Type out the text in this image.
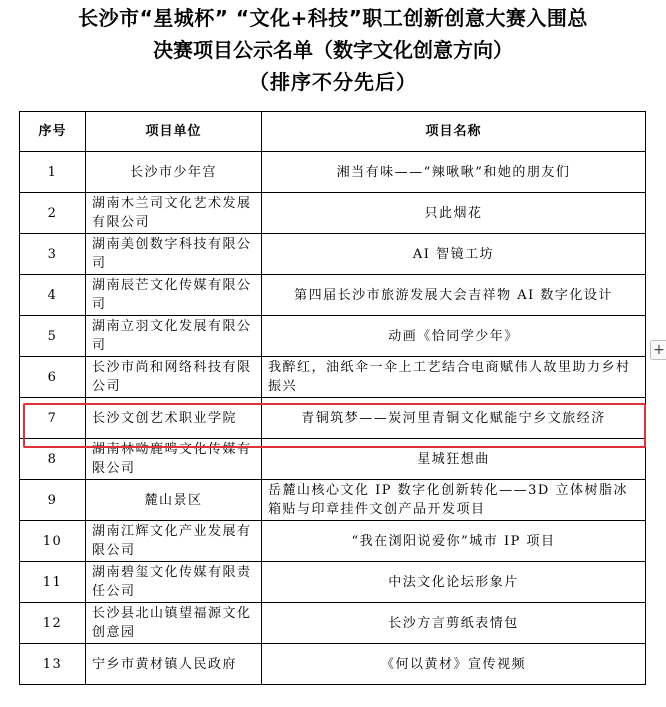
长沙市“星城杯” “文化+科技”职工创新创意大赛入围总
决赛项目公示名单（数字文化创意方向）
（排序不分先后）
序号	项目单位	项目名称
1	长沙市少年宫	湘当有味——“辣啾啾”和她的朋友们
2	湖南木兰司文化艺术发展有限公司	只此烟花
3	湖南美创数字科技有限公司	AI 智镜工坊
4	湖南辰芒文化传媒有限公司	第四届长沙市旅游发展大会吉祥物 AI 数字化设计
5	湖南立羽文化发展有限公司	动画《恰同学少年》
6	长沙市尚和网络科技有限公司	我醉红，油纸伞一伞上工艺结合电商赋伟人故里助力乡村振兴
7	长沙文创艺术职业学院	青铜筑梦——炭河里青铜文化赋能宁乡文旅经济
8	湖南林呦鹿鸣文化传媒有限公司	星城狂想曲
9	麓山景区	岳麓山核心文化 IP 数字化创新转化——3D 立体树脂冰箱贴与印章挂件文创产品开发项目
10	湖南江辉文化产业发展有限公司	“我在浏阳说爱你”城市 IP 项目
11	湖南碧玺文化传媒有限责任公司	中法文化论坛形象片
12	长沙县北山镇望福源文化创意园	长沙方言剪纸表情包
13	宁乡市黄材镇人民政府	《何以黄材》宣传视频
+
